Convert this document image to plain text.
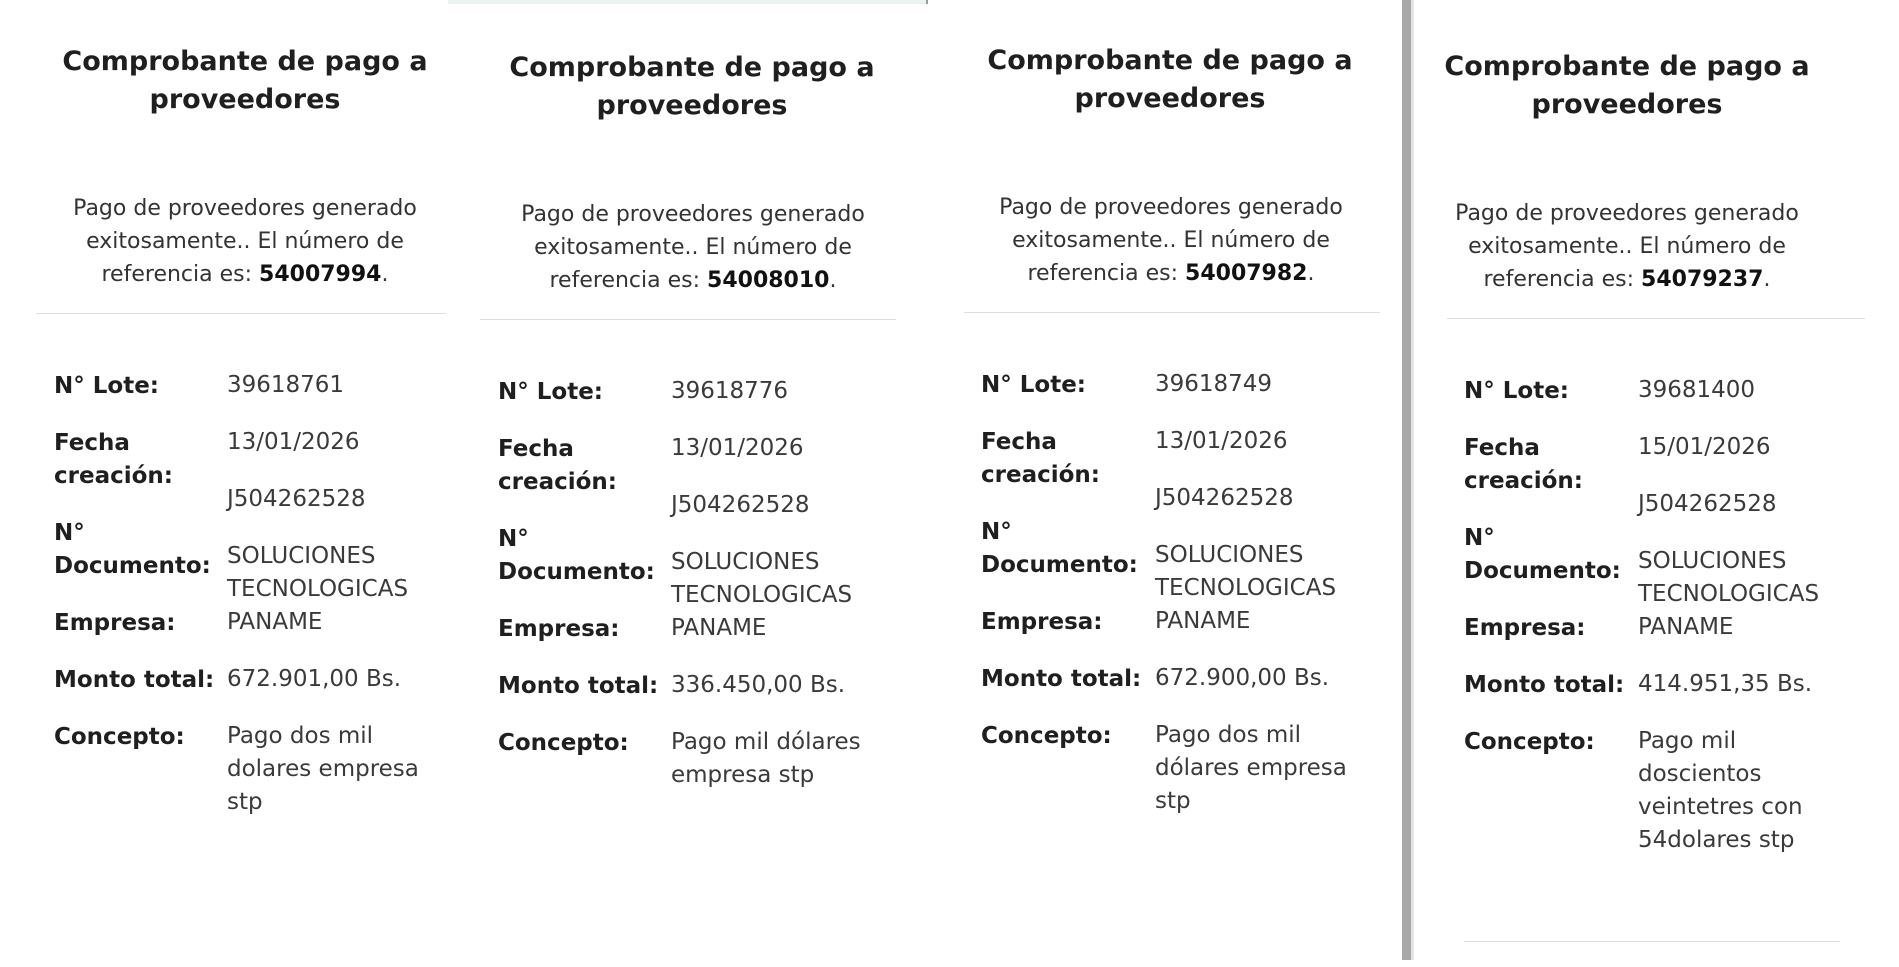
Comprobante de pago a proveedores
Pago de proveedores generado exitosamente.. El número de referencia es: 54007994.
N° Lote:
Fecha
creación:
N°
Documento:
Empresa:
Monto total:
Concepto:
39618761
13/01/2026
J504262528
SOLUCIONES
TECNOLOGICAS
PANAME
672.901,00 Bs.
Pago dos mil
dolares empresa
stp
Comprobante de pago a proveedores
Pago de proveedores generado exitosamente.. El número de referencia es: 54008010.
N° Lote:
Fecha
creación:
N°
Documento:
Empresa:
Monto total:
Concepto:
39618776
13/01/2026
J504262528
SOLUCIONES
TECNOLOGICAS
PANAME
336.450,00 Bs.
Pago mil dólares
empresa stp
Comprobante de pago a proveedores
Pago de proveedores generado exitosamente.. El número de referencia es: 54007982.
N° Lote:
Fecha
creación:
N°
Documento:
Empresa:
Monto total:
Concepto:
39618749
13/01/2026
J504262528
SOLUCIONES
TECNOLOGICAS
PANAME
672.900,00 Bs.
Pago dos mil
dólares empresa
stp
Comprobante de pago a proveedores
Pago de proveedores generado exitosamente.. El número de referencia es: 54079237.
N° Lote:
Fecha
creación:
N°
Documento:
Empresa:
Monto total:
Concepto:
39681400
15/01/2026
J504262528
SOLUCIONES
TECNOLOGICAS
PANAME
414.951,35 Bs.
Pago mil
doscientos
veintetres con
54dolares stp
